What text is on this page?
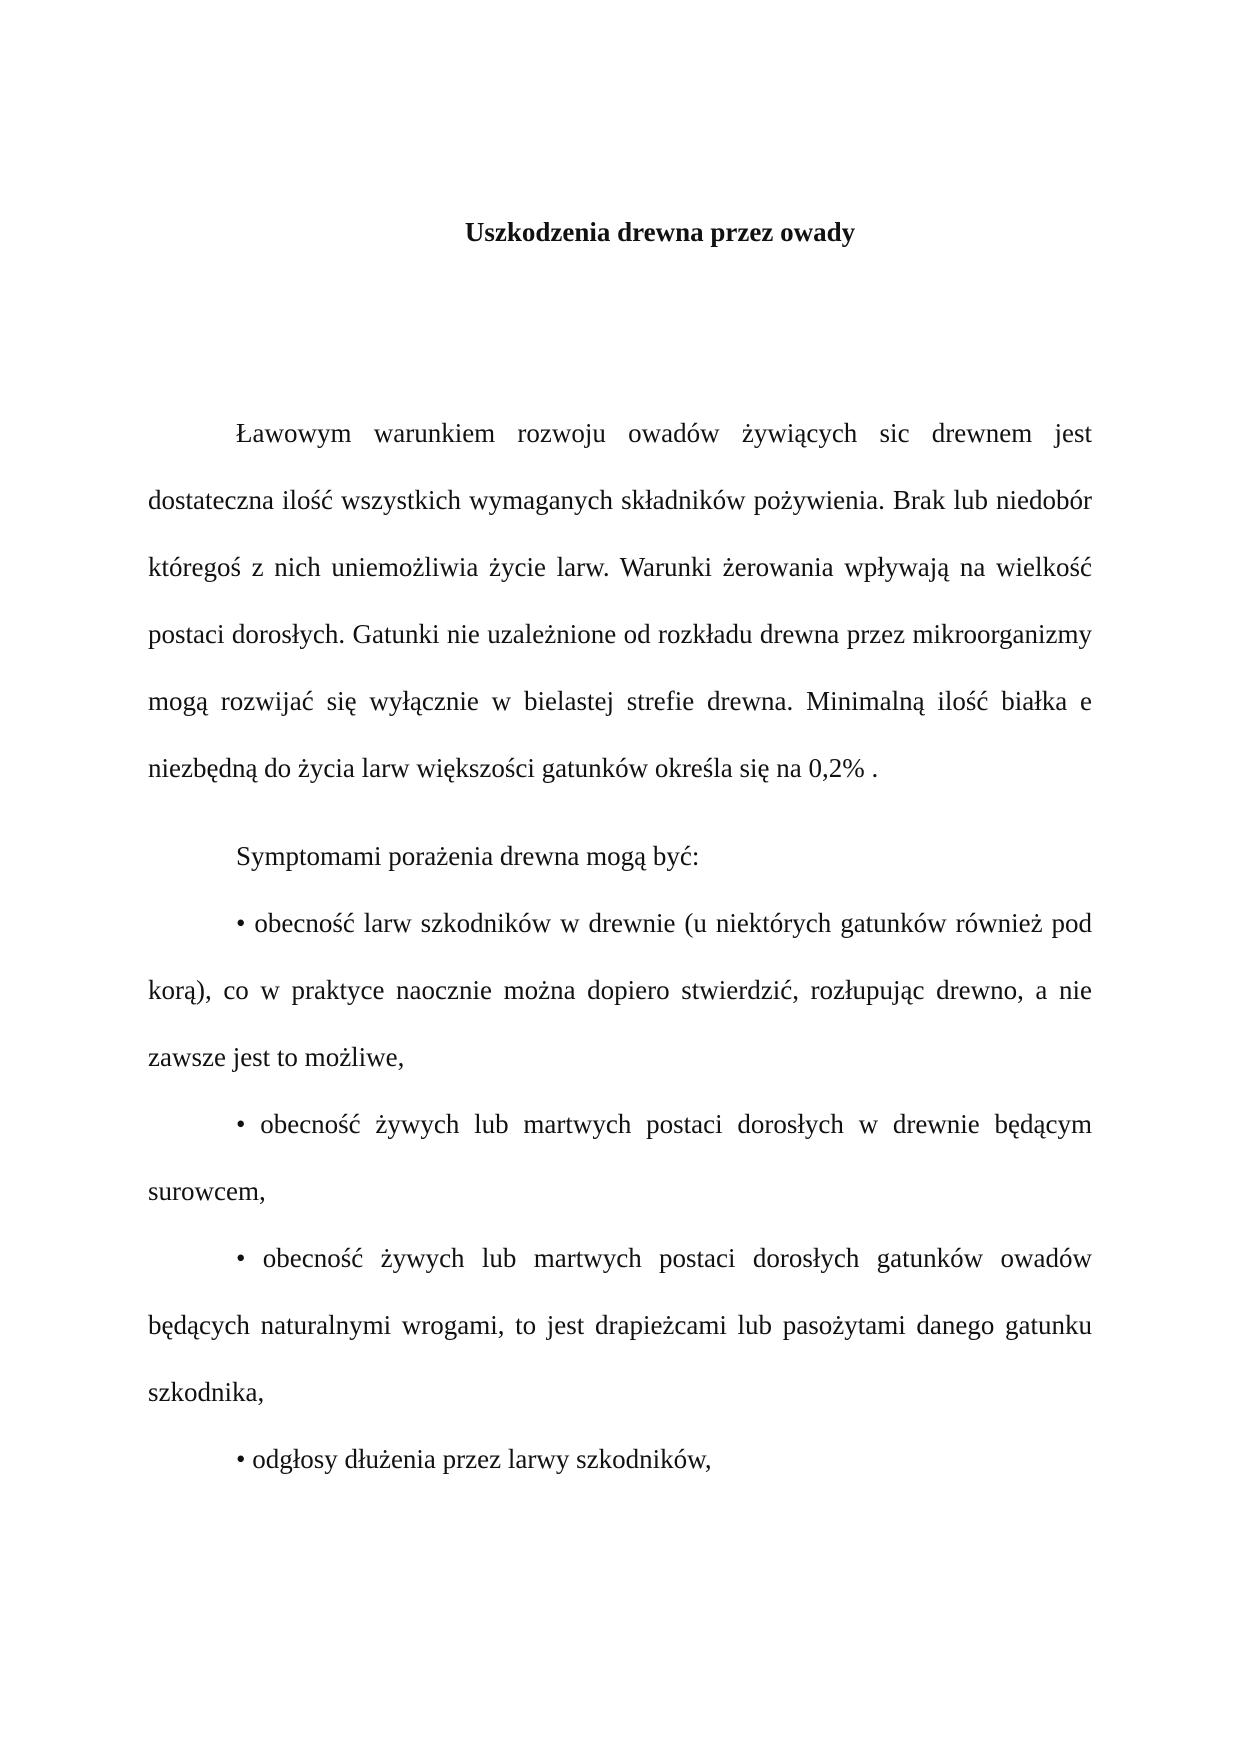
Uszkodzenia drewna przez owady

Ławowym warunkiem rozwoju owadów żywiących sic drewnem jest dostateczna ilość wszystkich wymaganych składników pożywienia. Brak lub niedobór któregoś z nich uniemożliwia życie larw. Warunki żerowania wpływają na wielkość postaci dorosłych. Gatunki nie uzależnione od rozkładu drewna przez mikroorganizmy mogą rozwijać się wyłącznie w bielastej strefie drewna. Minimalną ilość białka e niezbędną do życia larw większości gatunków określa się na 0,2% .

Symptomami porażenia drewna mogą być:

• obecność larw szkodników w drewnie (u niektórych gatunków również pod korą), co w praktyce naocznie można dopiero stwierdzić, rozłupując drewno, a nie zawsze jest to możliwe,

• obecność żywych lub martwych postaci dorosłych w drewnie będącym surowcem,

• obecność żywych lub martwych postaci dorosłych gatunków owadów będących naturalnymi wrogami, to jest drapieżcami lub pasożytami danego gatunku szkodnika,

• odgłosy dłużenia przez larwy szkodników,
